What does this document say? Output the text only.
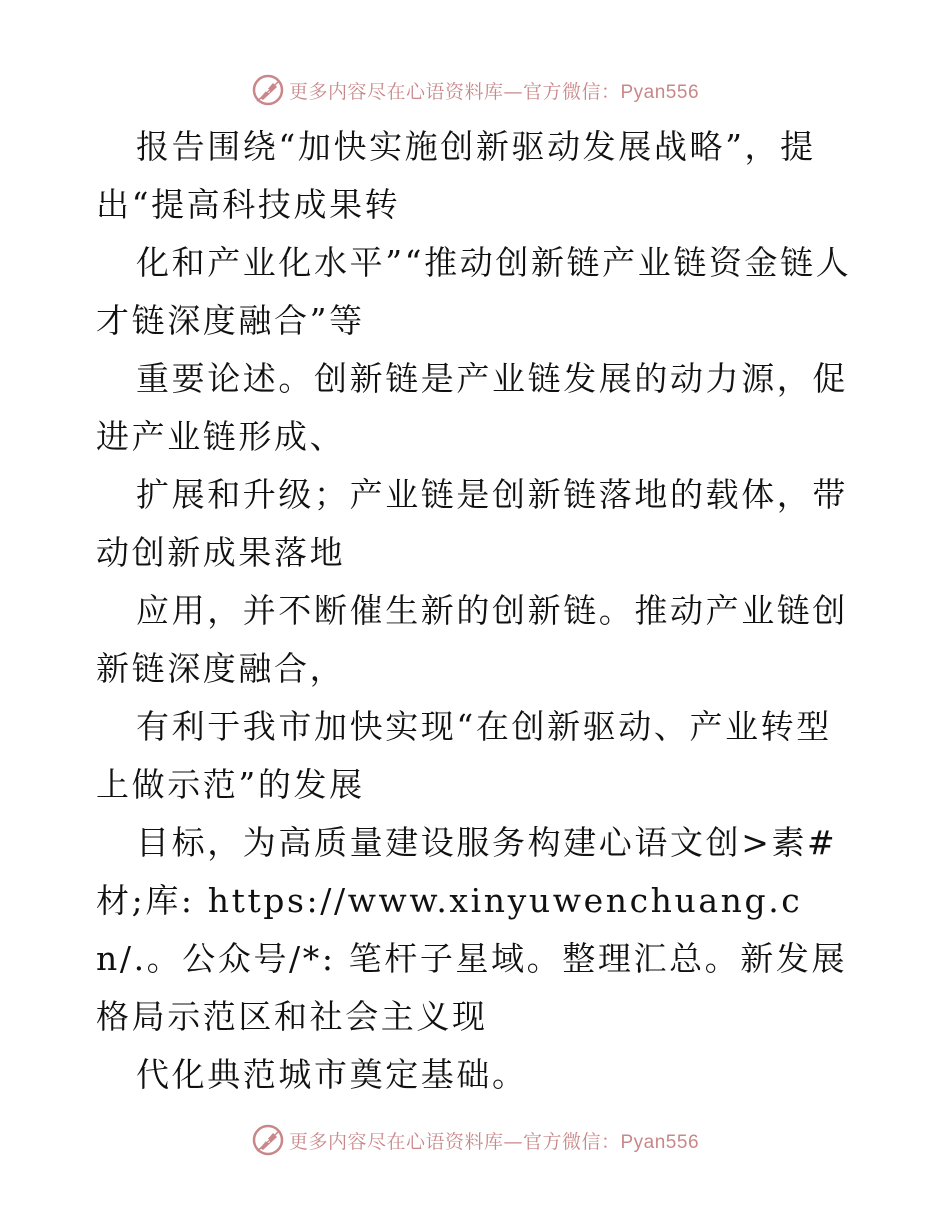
更多内容尽在心语资料库—官方微信：Pyan556

报告围绕“加快实施创新驱动发展战略”，提出“提高科技成果转

化和产业化水平”“推动创新链产业链资金链人才链深度融合”等

重要论述。创新链是产业链发展的动力源，促进产业链形成、

扩展和升级；产业链是创新链落地的载体，带动创新成果落地

应用，并不断催生新的创新链。推动产业链创新链深度融合，

有利于我市加快实现“在创新驱动、产业转型上做示范”的发展

目标，为高质量建设服务构建心语文创>素#材;库: https://www.xinyuwenchuang.cn/.。公众号/*: 笔杆子星域。整理汇总。新发展格局示范区和社会主义现

代化典范城市奠定基础。

更多内容尽在心语资料库—官方微信：Pyan556
